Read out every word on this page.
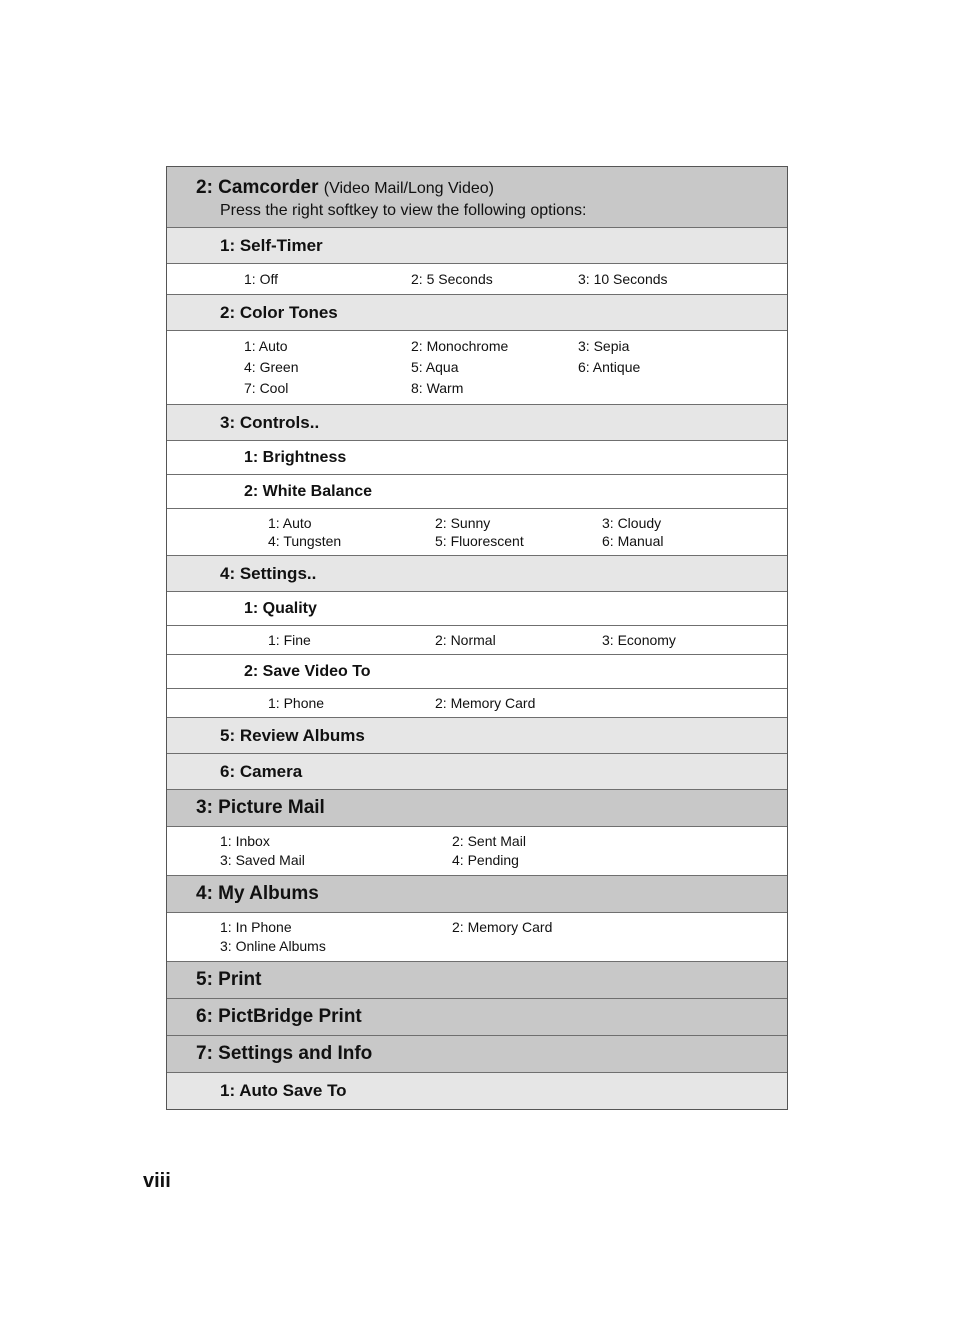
2: Camcorder (Video Mail/Long Video)
Press the right softkey to view the following options:
1: Self-Timer
1: Off	2: 5 Seconds	3: 10 Seconds
2: Color Tones
1: Auto	2: Monochrome	3: Sepia
4: Green	5: Aqua	6: Antique
7: Cool	8: Warm
3: Controls..
1: Brightness
2: White Balance
1: Auto	2: Sunny	3: Cloudy
4: Tungsten	5: Fluorescent	6: Manual
4: Settings..
1: Quality
1: Fine	2: Normal	3: Economy
2: Save Video To
1: Phone	2: Memory Card
5: Review Albums
6: Camera
3: Picture Mail
1: Inbox	2: Sent Mail
3: Saved Mail	4: Pending
4: My Albums
1: In Phone	2: Memory Card
3: Online Albums
5: Print
6: PictBridge Print
7: Settings and Info
1: Auto Save To
viii
